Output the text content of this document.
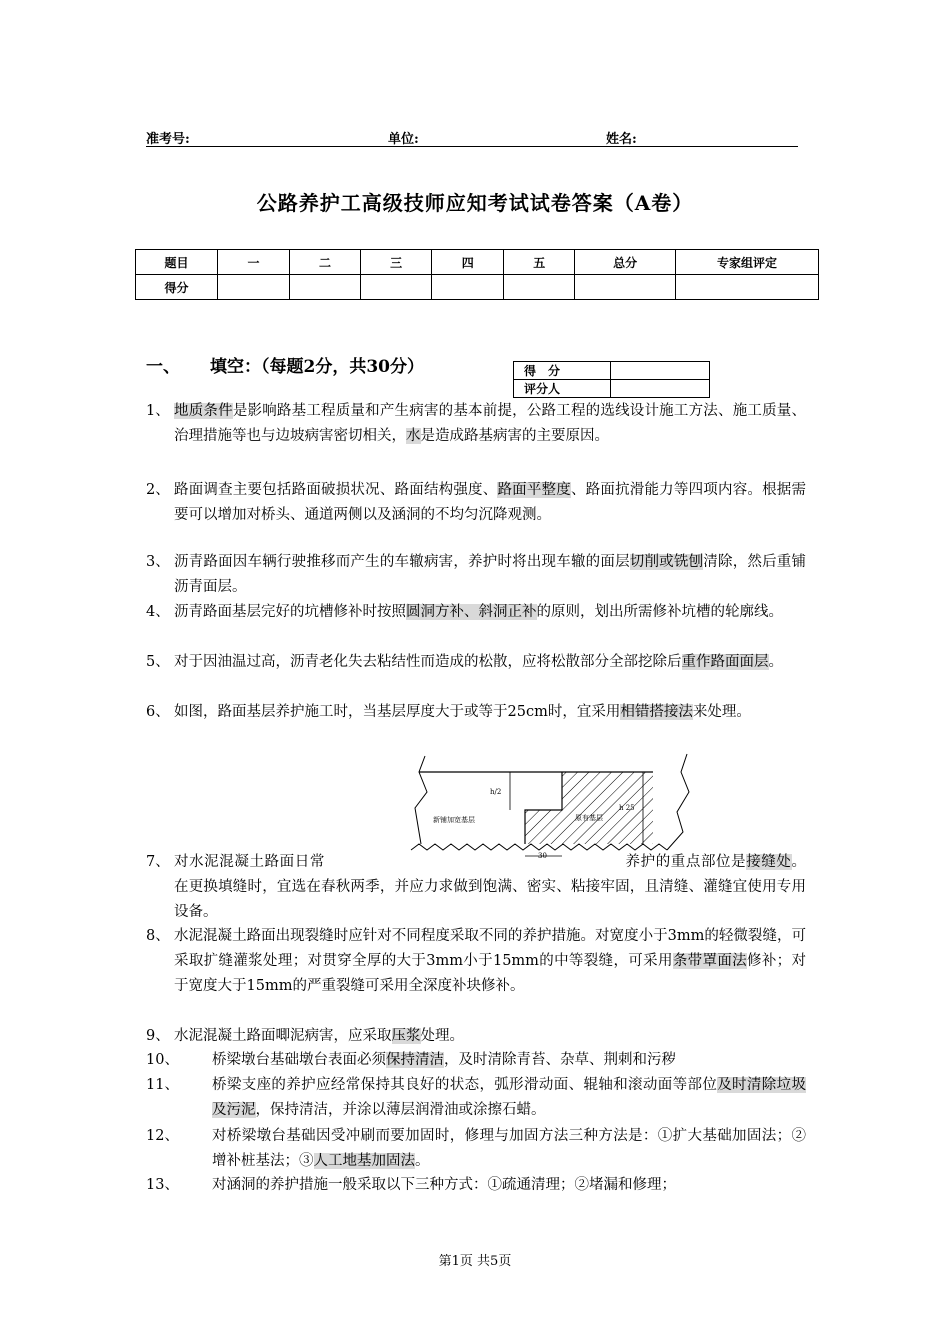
准考号:	单位:	姓名:
公路养护工高级技师应知考试试卷答案（A卷）
题目	一	二	三	四	五	总分	专家组评定
得分							
一、 填空：（每题2分，共30分）	得　分	
评分人	
1、 地质条件是影响路基工程质量和产生病害的基本前提，公路工程的选线设计施工方法、施工质量、治理措施等也与边坡病害密切相关，水是造成路基病害的主要原因。
2、 路面调查主要包括路面破损状况、路面结构强度、路面平整度、路面抗滑能力等四项内容。根据需要可以增加对桥头、通道两侧以及涵洞的不均匀沉降观测。
3、 沥青路面因车辆行驶推移而产生的车辙病害，养护时将出现车辙的面层切削或铣刨清除，然后重铺沥青面层。
4、 沥青路面基层完好的坑槽修补时按照圆洞方补、斜洞正补的原则，划出所需修补坑槽的轮廓线。
5、 对于因油温过高，沥青老化失去粘结性而造成的松散，应将松散部分全部挖除后重作路面面层。
6、 如图，路面基层养护施工时，当基层厚度大于或等于25cm时，宜采用相错搭接法来处理。
7、 对水泥混凝土路面日常	养护的重点部位是接缝处。在更换填缝时，宜选在春秋两季，并应力求做到饱满、密实、粘接牢固，且清缝、灌缝宜使用专用设备。
8、 水泥混凝土路面出现裂缝时应针对不同程度采取不同的养护措施。对宽度小于3mm的轻微裂缝，可采取扩缝灌浆处理；对贯穿全厚的大于3mm小于15mm的中等裂缝，可采用条带罩面法修补；对于宽度大于15mm的严重裂缝可采用全深度补块修补。
9、 水泥混凝土路面唧泥病害，应采取压浆处理。
10、	桥梁墩台基础墩台表面必须保持清洁，及时清除青苔、杂草、荆刺和污秽
11、	桥梁支座的养护应经常保持其良好的状态，弧形滑动面、辊轴和滚动面等部位及时清除垃圾及污泥，保持清洁，并涂以薄层润滑油或涂擦石蜡。
12、	对桥梁墩台基础因受冲刷而要加固时，修理与加固方法三种方法是：①扩大基础加固法；②增补桩基法；③人工地基加固法。
13、	对涵洞的养护措施一般采取以下三种方式：①疏通清理；②堵漏和修理；
h/2
h 25
新铺加宽基层	原有基层
30
第1页 共5页
